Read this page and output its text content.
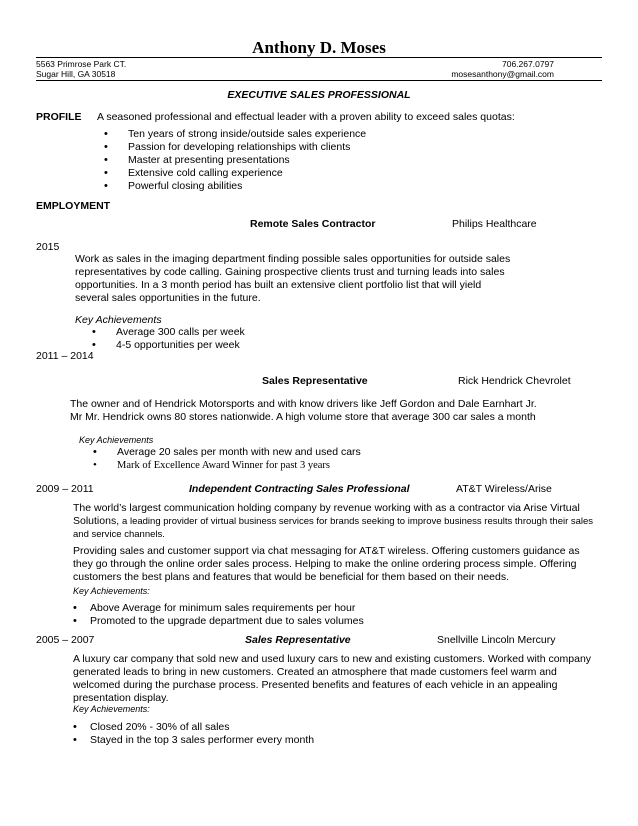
Anthony D. Moses
5563 Primrose Park CT.
Sugar Hill, GA 30518
706.267.0797
mosesanthony@gmail.com
EXECUTIVE SALES PROFESSIONAL
PROFILE A seasoned professional and effectual leader with a proven ability to exceed sales quotas:
• Ten years of strong inside/outside sales experience
• Passion for developing relationships with clients
• Master at presenting presentations
• Extensive cold calling experience
• Powerful closing abilities
EMPLOYMENT
Remote Sales Contractor	Philips Healthcare
2015
Work as sales in the imaging department finding possible sales opportunities for outside sales representatives by code calling. Gaining prospective clients trust and turning leads into sales opportunities. In a 3 month period has built an extensive client portfolio list that will yield several sales opportunities in the future.
Key Achievements
• Average 300 calls per week
• 4-5 opportunities per week
2011 – 2014
Sales Representative	Rick Hendrick Chevrolet
The owner and of Hendrick Motorsports and with know drivers like Jeff Gordon and Dale Earnhart Jr. Mr Mr. Hendrick owns 80 stores nationwide. A high volume store that average 300 car sales a month
Key Achievements
• Average 20 sales per month with new and used cars
• Mark of Excellence Award Winner for past 3 years
2009 – 2011	Independent Contracting Sales Professional	AT&T Wireless/Arise
The world’s largest communication holding company by revenue working with as a contractor via Arise Virtual Solutions, a leading provider of virtual business services for brands seeking to improve business results through their sales and service channels.
Providing sales and customer support via chat messaging for AT&T wireless. Offering customers guidance as they go through the online order sales process. Helping to make the online ordering process simple. Offering customers the best plans and features that would be beneficial for them based on their needs.
Key Achievements:
• Above Average for minimum sales requirements per hour
• Promoted to the upgrade department due to sales volumes
2005 – 2007	Sales Representative	Snellville Lincoln Mercury
A luxury car company that sold new and used luxury cars to new and existing customers. Worked with company generated leads to bring in new customers. Created an atmosphere that made customers feel warm and welcomed during the purchase process. Presented benefits and features of each vehicle in an appealing presentation display.
Key Achievements:
• Closed 20% - 30% of all sales
• Stayed in the top 3 sales performer every month
